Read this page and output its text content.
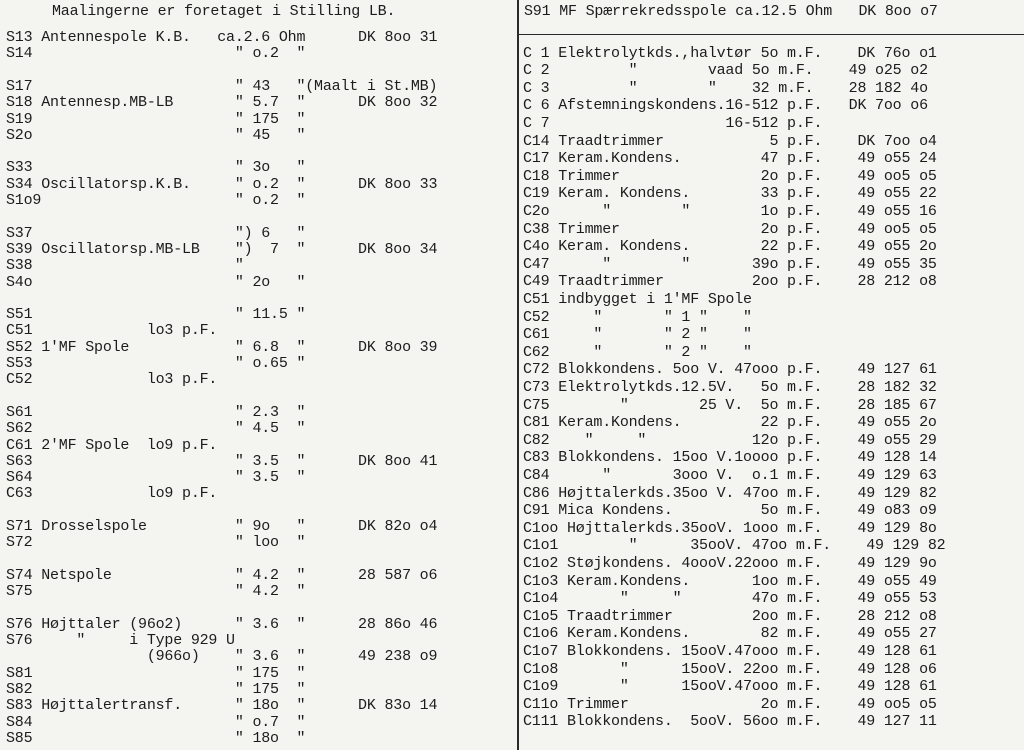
Maalingerne er foretaget i Stilling LB.
S13 Antennespole K.B.   ca.2.6 Ohm      DK 8oo 31
S14                       " o.2  "
S17                       " 43   "(Maalt i St.MB)
S18 Antennesp.MB-LB       " 5.7  "      DK 8oo 32
S19                       " 175  "
S2o                       " 45   "
S33                       " 3o   "
S34 Oscillatorsp.K.B.     " o.2  "      DK 8oo 33
S1o9                      " o.2  "
S37                       ") 6   "
S39 Oscillatorsp.MB-LB    ")  7  "      DK 8oo 34
S38                       "
S4o                       " 2o   "
S51                       " 11.5 "
C51             lo3 p.F.
S52 1'MF Spole            " 6.8  "      DK 8oo 39
S53                       " o.65 "
C52             lo3 p.F.
S61                       " 2.3  "
S62                       " 4.5  "
C61 2'MF Spole  lo9 p.F.
S63                       " 3.5  "      DK 8oo 41
S64                       " 3.5  "
C63             lo9 p.F.
S71 Drosselspole          " 9o   "      DK 82o o4
S72                       " loo  "
S74 Netspole              " 4.2  "      28 587 o6
S75                       " 4.2  "
S76 Højttaler (96o2)      " 3.6  "      28 86o 46
S76     "     i Type 929 U
(966o)    " 3.6  "      49 238 o9
S81                       " 175  "
S82                       " 175  "
S83 Højttalertransf.      " 18o  "      DK 83o 14
S84                       " o.7  "
S85                       " 18o  "
S91 MF Spærrekredsspole ca.12.5 Ohm   DK 8oo o7
C 1 Elektrolytkds.,halvtør 5o m.F.    DK 76o o1
C 2         "        vaad 5o m.F.    49 o25 o2
C 3         "        "    32 m.F.    28 182 4o
C 6 Afstemningskondens.16-512 p.F.   DK 7oo o6
C 7                    16-512 p.F.
C14 Traadtrimmer            5 p.F.    DK 7oo o4
C17 Keram.Kondens.         47 p.F.    49 o55 24
C18 Trimmer                2o p.F.    49 oo5 o5
C19 Keram. Kondens.        33 p.F.    49 o55 22
C2o      "        "        1o p.F.    49 o55 16
C38 Trimmer                2o p.F.    49 oo5 o5
C4o Keram. Kondens.        22 p.F.    49 o55 2o
C47      "        "       39o p.F.    49 o55 35
C49 Traadtrimmer          2oo p.F.    28 212 o8
C51 indbygget i 1'MF Spole
C52     "       " 1 "    "
C61     "       " 2 "    "
C62     "       " 2 "    "
C72 Blokkondens. 5oo V. 47ooo p.F.    49 127 61
C73 Elektrolytkds.12.5V.   5o m.F.    28 182 32
C75        "        25 V.  5o m.F.    28 185 67
C81 Keram.Kondens.         22 p.F.    49 o55 2o
C82    "     "            12o p.F.    49 o55 29
C83 Blokkondens. 15oo V.1oooo p.F.    49 128 14
C84      "       3ooo V.  o.1 m.F.    49 129 63
C86 Højttalerkds.35oo V. 47oo m.F.    49 129 82
C91 Mica Kondens.          5o m.F.    49 o83 o9
C1oo Højttalerkds.35ooV. 1ooo m.F.    49 129 8o
C1o1        "      35ooV. 47oo m.F.    49 129 82
C1o2 Støjkondens. 4oooV.22ooo m.F.    49 129 9o
C1o3 Keram.Kondens.       1oo m.F.    49 o55 49
C1o4       "     "        47o m.F.    49 o55 53
C1o5 Traadtrimmer         2oo m.F.    28 212 o8
C1o6 Keram.Kondens.        82 m.F.    49 o55 27
C1o7 Blokkondens. 15ooV.47ooo m.F.    49 128 61
C1o8       "      15ooV. 22oo m.F.    49 128 o6
C1o9       "      15ooV.47ooo m.F.    49 128 61
C11o Trimmer               2o m.F.    49 oo5 o5
C111 Blokkondens.  5ooV. 56oo m.F.    49 127 11
